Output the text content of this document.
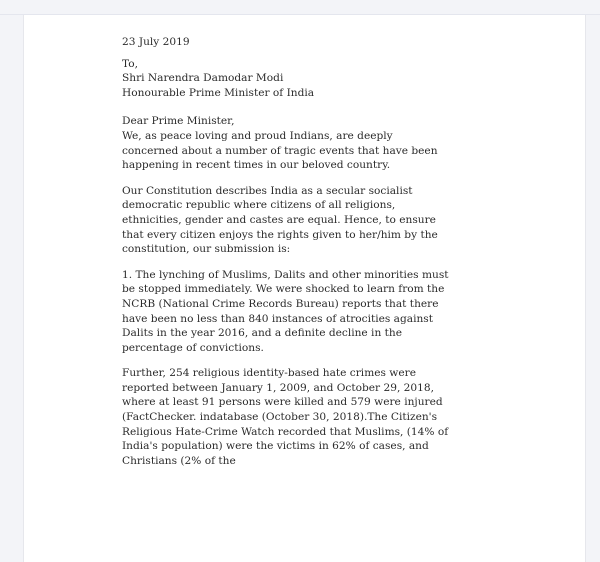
23 July 2019

To,
Shri Narendra Damodar Modi
Honourable Prime Minister of India

Dear Prime Minister,

We, as peace loving and proud Indians, are deeply concerned about a number of tragic events that have been happening in recent times in our beloved country.

Our Constitution describes India as a secular socialist democratic republic where citizens of all religions, ethnicities, gender and castes are equal. Hence, to ensure that every citizen enjoys the rights given to her/him by the constitution, our submission is:

1. The lynching of Muslims, Dalits and other minorities must be stopped immediately. We were shocked to learn from the NCRB (National Crime Records Bureau) reports that there have been no less than 840 instances of atrocities against Dalits in the year 2016, and a definite decline in the percentage of convictions.

Further, 254 religious identity-based hate crimes were reported between January 1, 2009, and October 29, 2018, where at least 91 persons were killed and 579 were injured (FactChecker. indatabase (October 30, 2018).The Citizen's Religious Hate-Crime Watch recorded that Muslims, (14% of India's population) were the victims in 62% of cases, and Christians (2% of the
